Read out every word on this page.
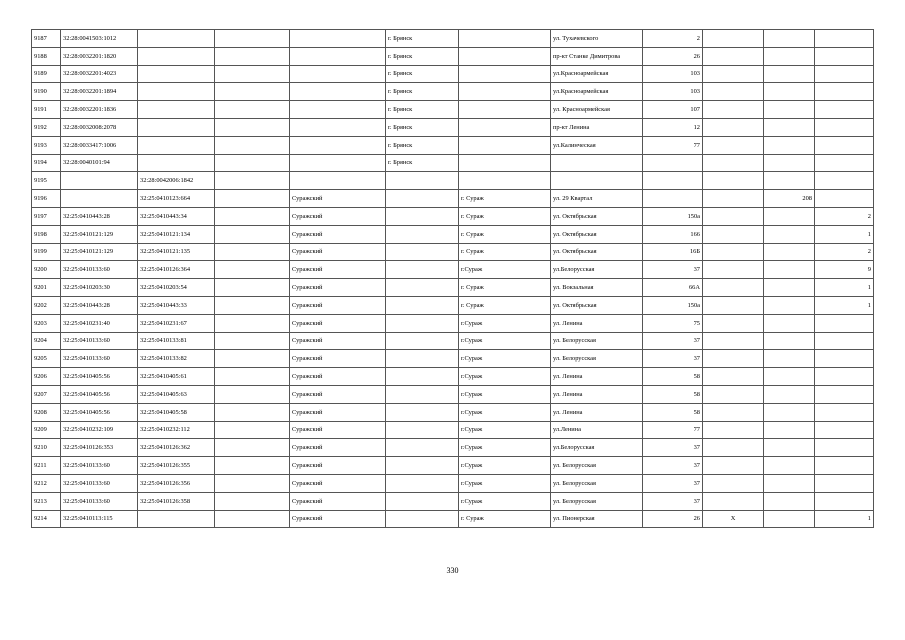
9187	32:28:0041503:1012				г. Брянск		ул. Тухачевского	2			
9188	32:28:0032201:1820				г. Брянск		пр-кт Станке Димитрова	26			
9189	32:28:0032201:4023				г. Брянск		ул.Красноармейская	103			
9190	32:28:0032201:1894				г. Брянск		ул.Красноармейская	103			
9191	32:28:0032201:1836				г. Брянск		ул. Красноармейская	107			
9192	32:28:0032008:2078				г. Брянск		пр-кт Ленина	12			
9193	32:28:0033417:1006				г. Брянск		ул.Калинческая	77			
9194	32:28:0040101:94				г. Брянск						
9195		32:28:0042006:1842									
9196		32:25:0410123:664		Суражский		г. Сураж	ул. 29 Квартал			208	
9197	32:25:0410443:28	32:25:0410443:34		Суражский		г. Сураж	ул. Октябрьская	150а			2
9198	32:25:0410121:129	32:25:0410121:134		Суражский		г. Сураж	ул. Октябрьская	166			1
9199	32:25:0410121:129	32:25:0410121:135		Суражский		г. Сураж	ул. Октябрьская	16Б			2
9200	32:25:0410133:60	32:25:0410126:364		Суражский		г.Сураж	ул.Белорусская	37			9
9201	32:25:0410203:30	32:25:0410203:54		Суражский		г. Сураж	ул. Вокзальная	66А			1
9202	32:25:0410443:28	32:25:0410443:33		Суражский		г. Сураж	ул. Октябрьская	150а			1
9203	32:25:0410231:40	32:25:0410231:67		Суражский		г.Сураж	ул. Ленина	75			
9204	32:25:0410133:60	32:25:0410133:81		Суражский		г.Сураж	ул. Белорусская	37			
9205	32:25:0410133:60	32:25:0410133:82		Суражский		г.Сураж	ул. Белорусская	37			
9206	32:25:0410405:56	32:25:0410405:61		Суражский		г.Сураж	ул. Ленина	58			
9207	32:25:0410405:56	32:25:0410405:63		Суражский		г.Сураж	ул. Ленина	58			
9208	32:25:0410405:56	32:25:0410405:58		Суражский		г.Сураж	ул. Ленина	58			
9209	32:25:0410232:109	32:25:0410232:112		Суражский		г.Сураж	ул.Ленина	77			
9210	32:25:0410126:353	32:25:0410126:362		Суражский		г.Сураж	ул.Белорусская	37			
9211	32:25:0410133:60	32:25:0410126:355		Суражский		г.Сураж	ул. Белорусская	37			
9212	32:25:0410133:60	32:25:0410126:356		Суражский		г.Сураж	ул. Белорусская	37			
9213	32:25:0410133:60	32:25:0410126:358		Суражский		г.Сураж	ул. Белорусская	37			
9214	32:25:0410113:115			Суражский		г. Сураж	ул. Пионерская	26	Х		1
330
